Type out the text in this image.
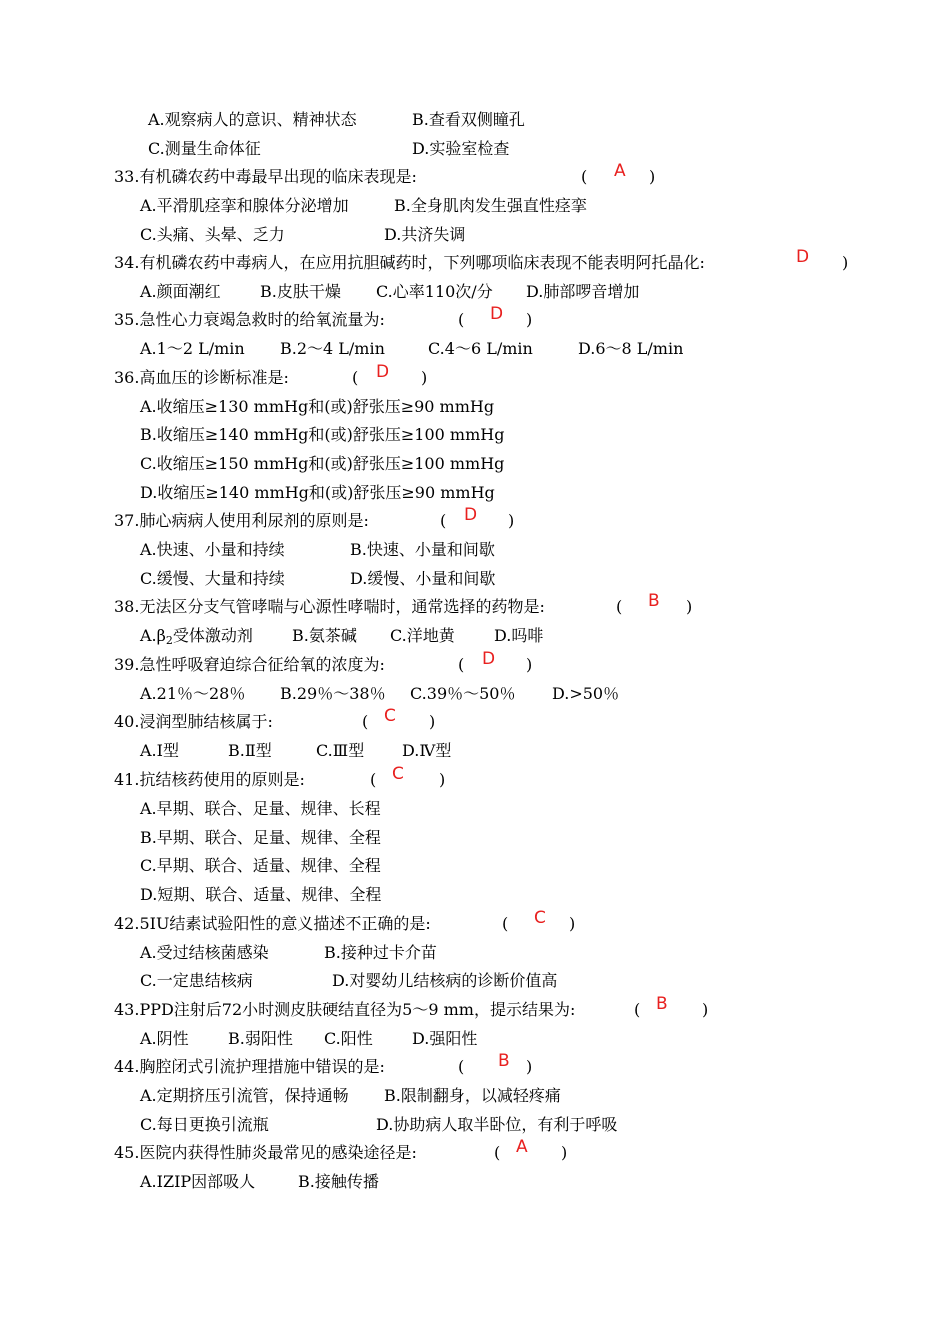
A.观察病人的意识、精神状态

	B.查看双侧瞳孔

C.测量生命体征

	D.实验室检查

33.有机磷农药中毒最早出现的临床表现是:

	(

A

)

A.平滑肌痉挛和腺体分泌增加

	B.全身肌肉发生强直性痉挛

C.头痛、头晕、乏力

	D.共济失调

34.有机磷农药中毒病人，在应用抗胆碱药时，下列哪项临床表现不能表明阿托晶化:

	D

)

A.颜面潮红

B.皮肤干燥

C.心率110次/分

D.肺部啰音增加

35.急性心力衰竭急救时的给氧流量为:

	(

D

)

A.1～2 L/min

B.2～4 L/min

	C.4～6 L/min

	D.6～8 L/min

36.高血压的诊断标准是:

	(

D

)

A.收缩压≥130 mmHg和(或)舒张压≥90 mmHg

B.收缩压≥140 mmHg和(或)舒张压≥100 mmHg

C.收缩压≥150 mmHg和(或)舒张压≥100 mmHg

D.收缩压≥140 mmHg和(或)舒张压≥90 mmHg

37.肺心病病人使用利尿剂的原则是:

	(

D

)

A.快速、小量和持续

	B.快速、小量和间歇

C.缓慢、大量和持续

	D.缓慢、小量和间歇

38.无法区分支气管哮喘与心源性哮喘时，通常选择的药物是:

	(

B

)

$A.\beta_2$受体激动剂

B.氨茶碱

C.洋地黄

D.吗啡

39.急性呼吸窘迫综合征给氧的浓度为:

	(

D

)

A.21％～28％

B.29％～38％

C.39％～50％

D.>50％

40.浸润型肺结核属于:

	(

C

)

A.Ⅰ型

	B.Ⅱ型

	C.Ⅲ型

D.Ⅳ型

41.抗结核药使用的原则是:

	(

C

)

A.早期、联合、足量、规律、长程

B.早期、联合、足量、规律、全程

C.早期、联合、适量、规律、全程

D.短期、联合、适量、规律、全程

42.5IU结素试验阳性的意义描述不正确的是:

	(

C

)

A.受过结核菌感染

	B.接种过卡介苗

C.一定患结核病

	D.对婴幼儿结核病的诊断价值高

43.PPD注射后72小时测皮肤硬结直径为5～9 mm，提示结果为:

	(

B

)

A.阴性

B.弱阳性

C.阳性

D.强阳性

44.胸腔闭式引流护理措施中错误的是:

	(

B

)

A.定期挤压引流管，保持通畅

B.限制翻身，以减轻疼痛

C.每日更换引流瓶

	D.协助病人取半卧位，有利于呼吸

45.医院内获得性肺炎最常见的感染途径是:

	(

A

)

A.IZIP因部吸人

	B.接触传播
